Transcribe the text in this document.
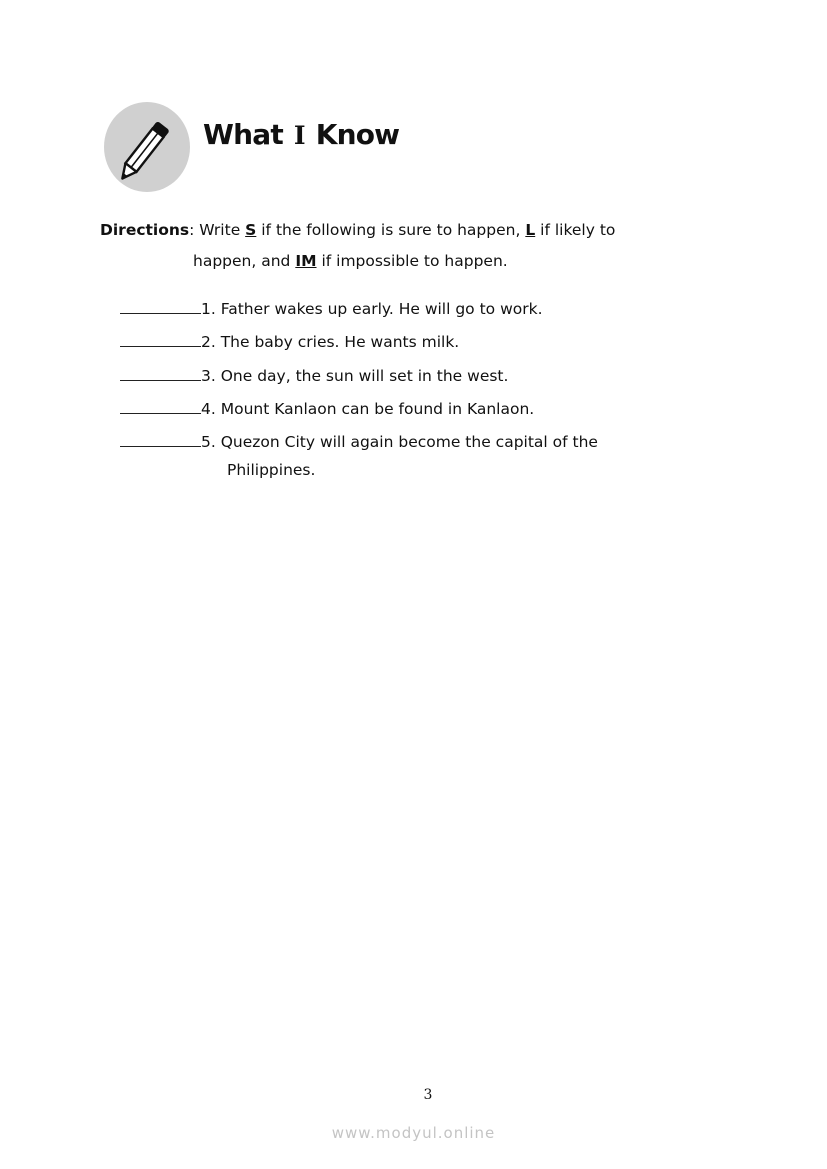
What I Know
Directions: Write S if the following is sure to happen, L if likely to
happen, and IM if impossible to happen.
1. Father wakes up early. He will go to work.
2. The baby cries. He wants milk.
3. One day, the sun will set in the west.
4. Mount Kanlaon can be found in Kanlaon.
5. Quezon City will again become the capital of the
Philippines.
3
www.modyul.online
